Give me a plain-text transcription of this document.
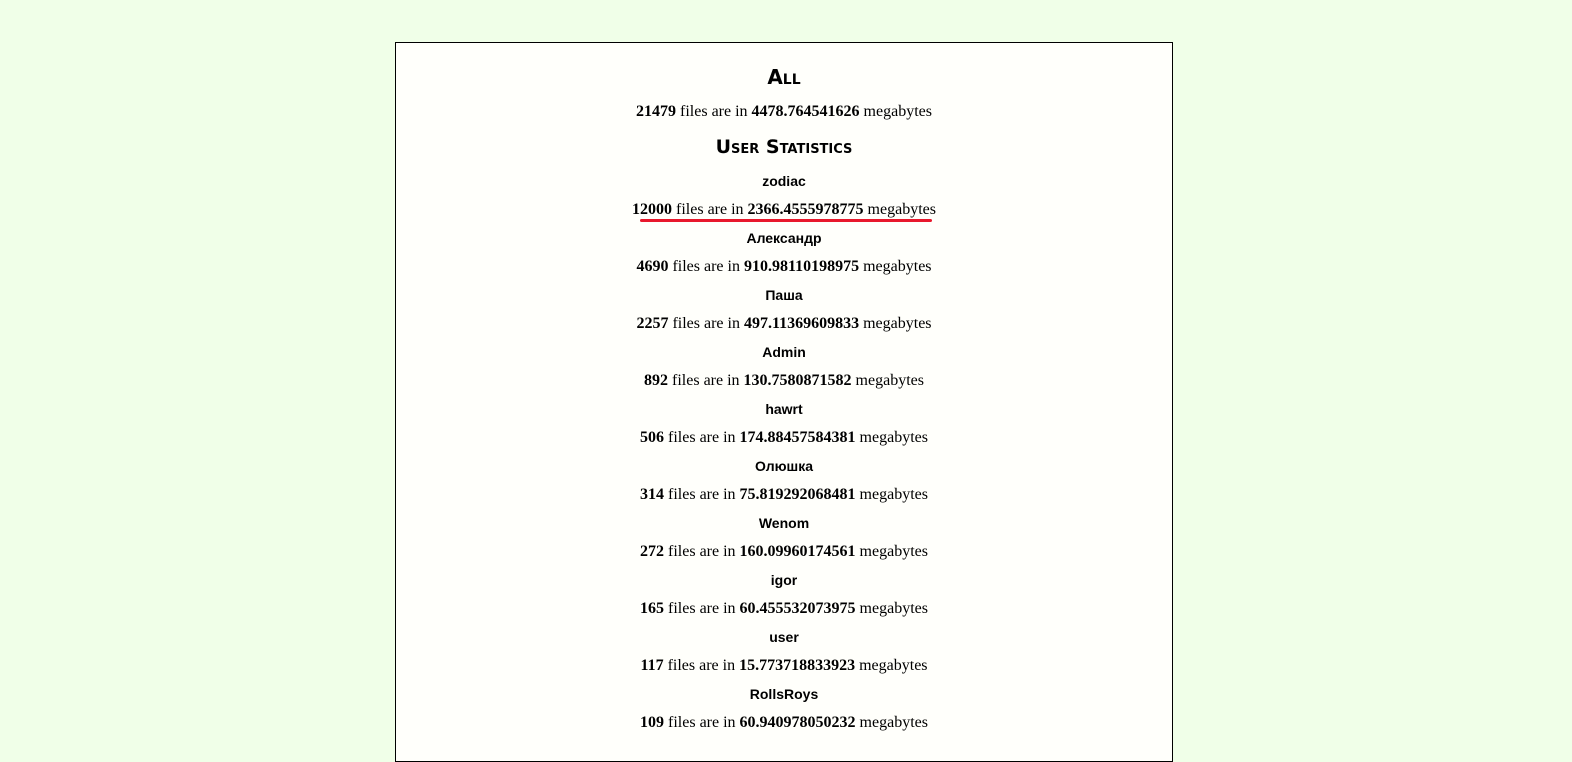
All
21479 files are in 4478.764541626 megabytes
User Statistics
zodiac
12000 files are in 2366.4555978775 megabytes
Александр
4690 files are in 910.98110198975 megabytes
Паша
2257 files are in 497.11369609833 megabytes
Admin
892 files are in 130.7580871582 megabytes
hawrt
506 files are in 174.88457584381 megabytes
Олюшка
314 files are in 75.819292068481 megabytes
Wenom
272 files are in 160.09960174561 megabytes
igor
165 files are in 60.455532073975 megabytes
user
117 files are in 15.773718833923 megabytes
RollsRoys
109 files are in 60.940978050232 megabytes
